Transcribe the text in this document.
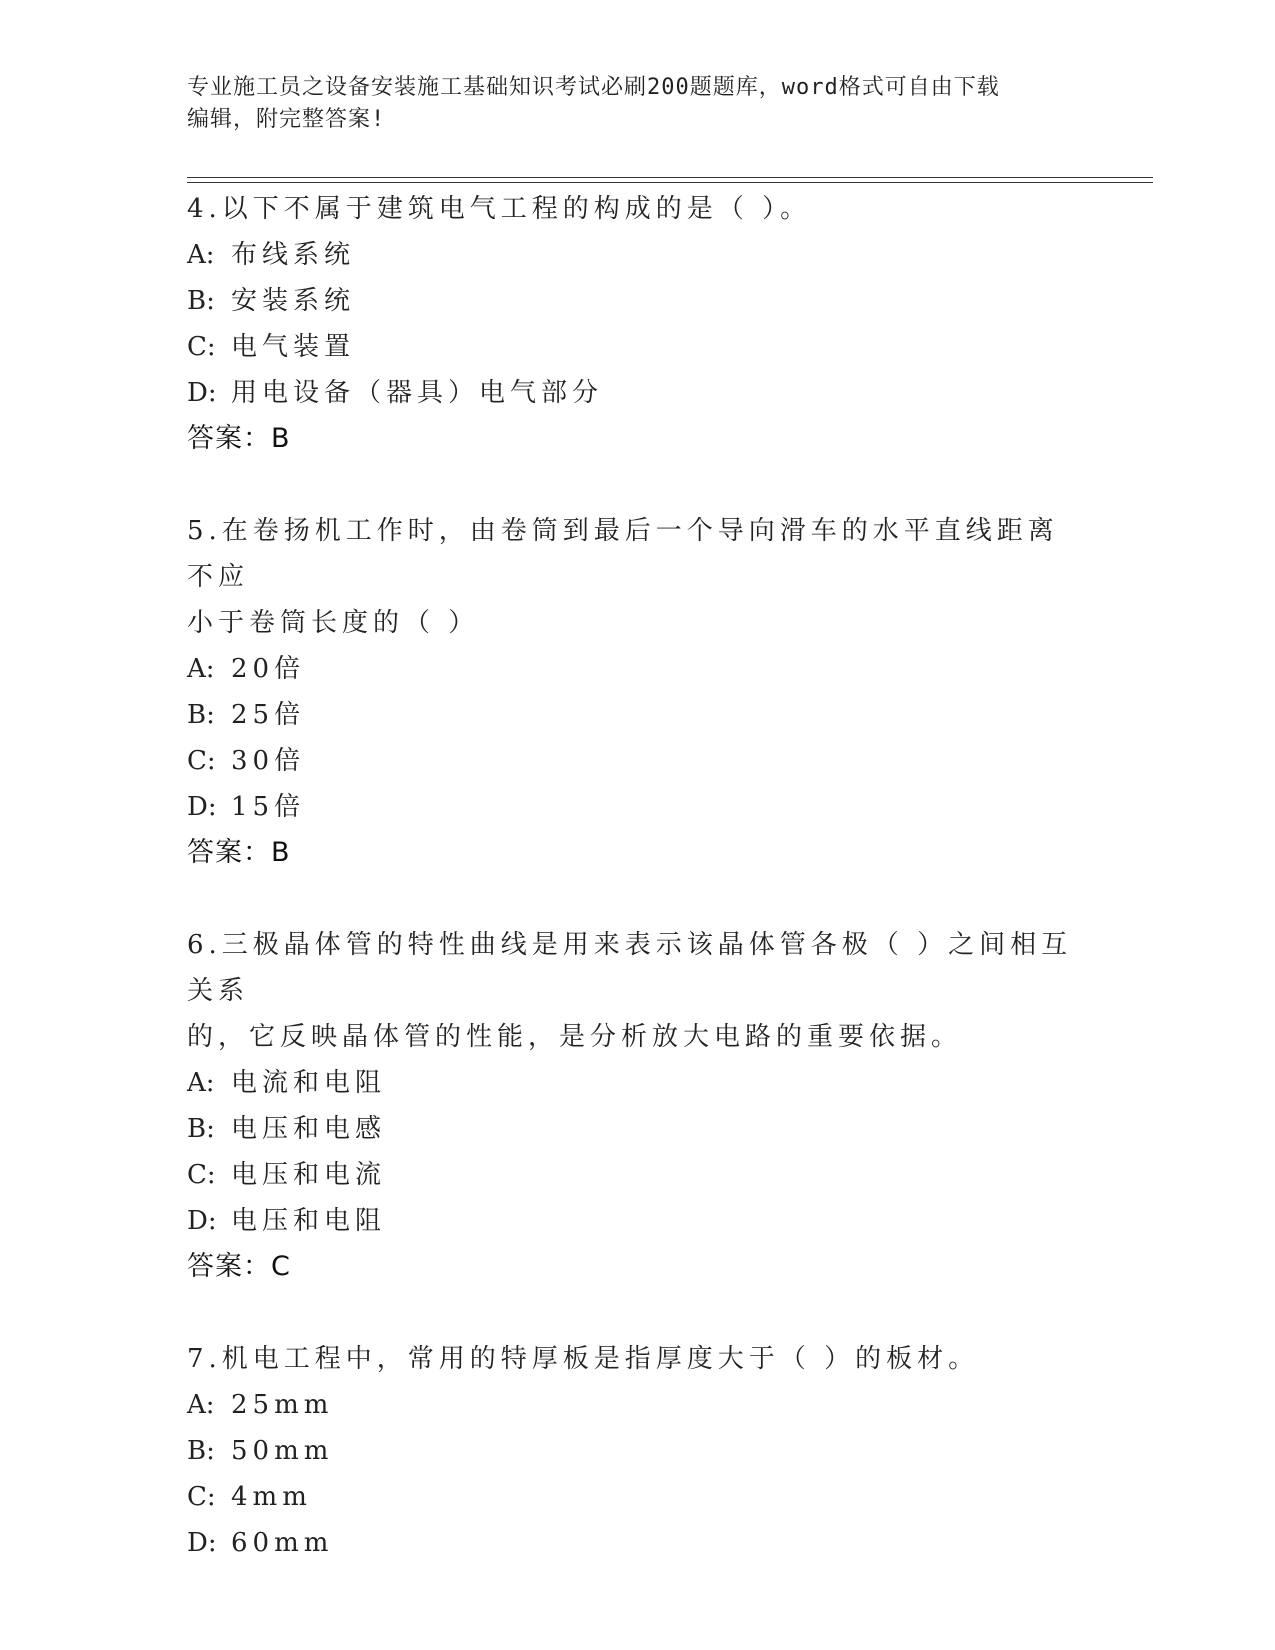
专业施工员之设备安装施工基础知识考试必刷200题题库，word格式可自由下载
编辑，附完整答案!

4.以下不属于建筑电气工程的构成的是（ ）。

A: 布线系统

B: 安装系统

C: 电气装置

D: 用电设备（器具）电气部分

答案：B

5.在卷扬机工作时，由卷筒到最后一个导向滑车的水平直线距离不应

小于卷筒长度的（ ）

A: 20倍

B: 25倍

C: 30倍

D: 15倍

答案：B

6.三极晶体管的特性曲线是用来表示该晶体管各极（ ）之间相互关系

的，它反映晶体管的性能，是分析放大电路的重要依据。

A: 电流和电阻

B: 电压和电感

C: 电压和电流

D: 电压和电阻

答案：C

7.机电工程中，常用的特厚板是指厚度大于（ ）的板材。

A: 25mm

B: 50mm

C: 4mm

D: 60mm
